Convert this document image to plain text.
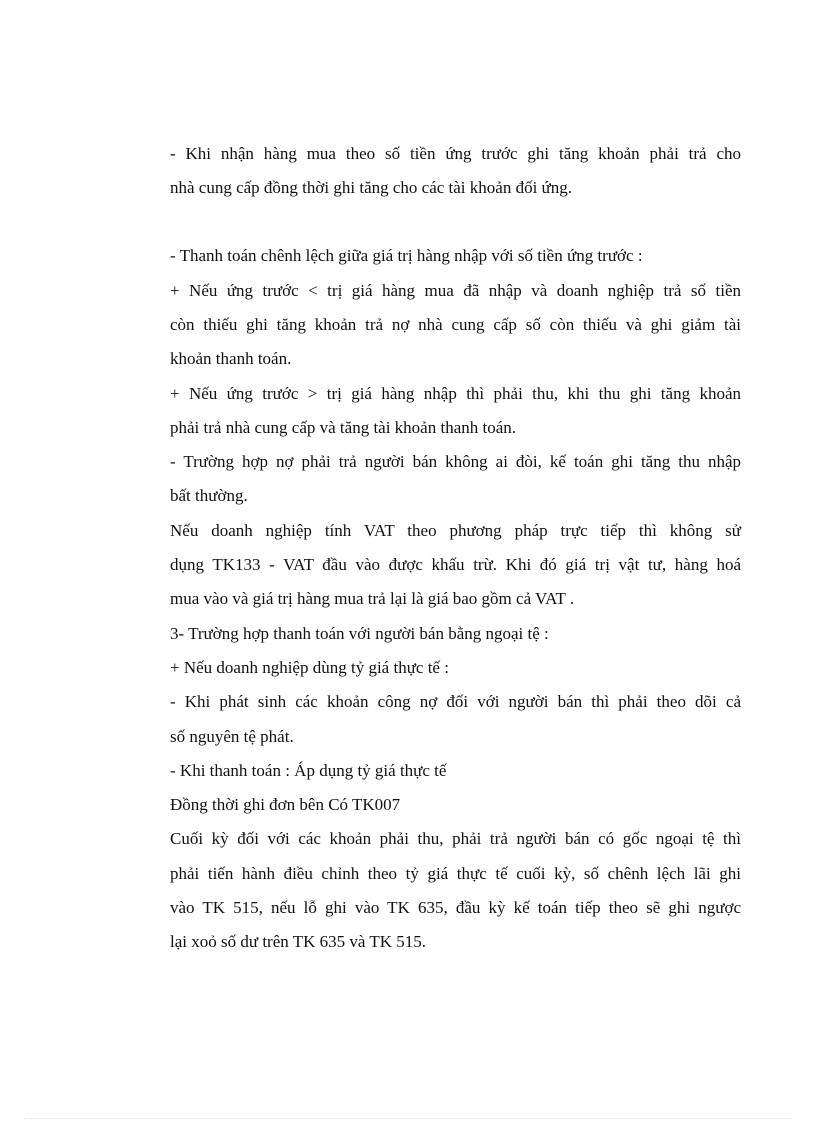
- Khi nhận hàng mua theo số tiền ứng trước ghi tăng khoản phải trả cho
nhà cung cấp đồng thời ghi tăng cho các tài khoản đối ứng.
- Thanh toán chênh lệch giữa giá trị hàng nhập với số tiền ứng trước :
+ Nếu ứng trước < trị giá hàng mua đã nhập và doanh nghiệp trả số tiền
còn thiếu ghi tăng khoản trả nợ nhà cung cấp số còn thiếu và ghi giảm tài
khoản thanh toán.
+ Nếu ứng trước > trị giá hàng nhập thì phải thu, khi thu ghi tăng khoản
phải trả nhà cung cấp và tăng tài khoản thanh toán.
- Trường hợp nợ phải trả người bán không ai đòi, kế toán ghi tăng thu nhập
bất thường.
Nếu doanh nghiệp tính VAT theo phương pháp trực tiếp thì không sử
dụng TK133 - VAT đầu vào được khấu trừ. Khi đó giá trị vật tư, hàng hoá
mua vào và giá trị hàng mua trả lại là giá bao gồm cả VAT .
3- Trường hợp thanh toán với người bán bằng ngoại tệ :
+ Nếu doanh nghiệp dùng tỷ giá thực tế :
- Khi phát sinh các khoản công nợ đối với người bán thì phải theo dõi cả
số nguyên tệ phát.
- Khi thanh toán : Áp dụng tỷ giá thực tế
Đồng thời ghi đơn bên Có TK007
Cuối kỳ đối với các khoản phải thu, phải trả người bán có gốc ngoại tệ thì
phải tiến hành điều chỉnh theo tỷ giá thực tế cuối kỳ, số chênh lệch lãi ghi
vào TK 515, nếu lỗ ghi vào TK 635, đầu kỳ kế toán tiếp theo sẽ ghi ngược
lại xoỏ số dư trên TK 635 và TK 515.
